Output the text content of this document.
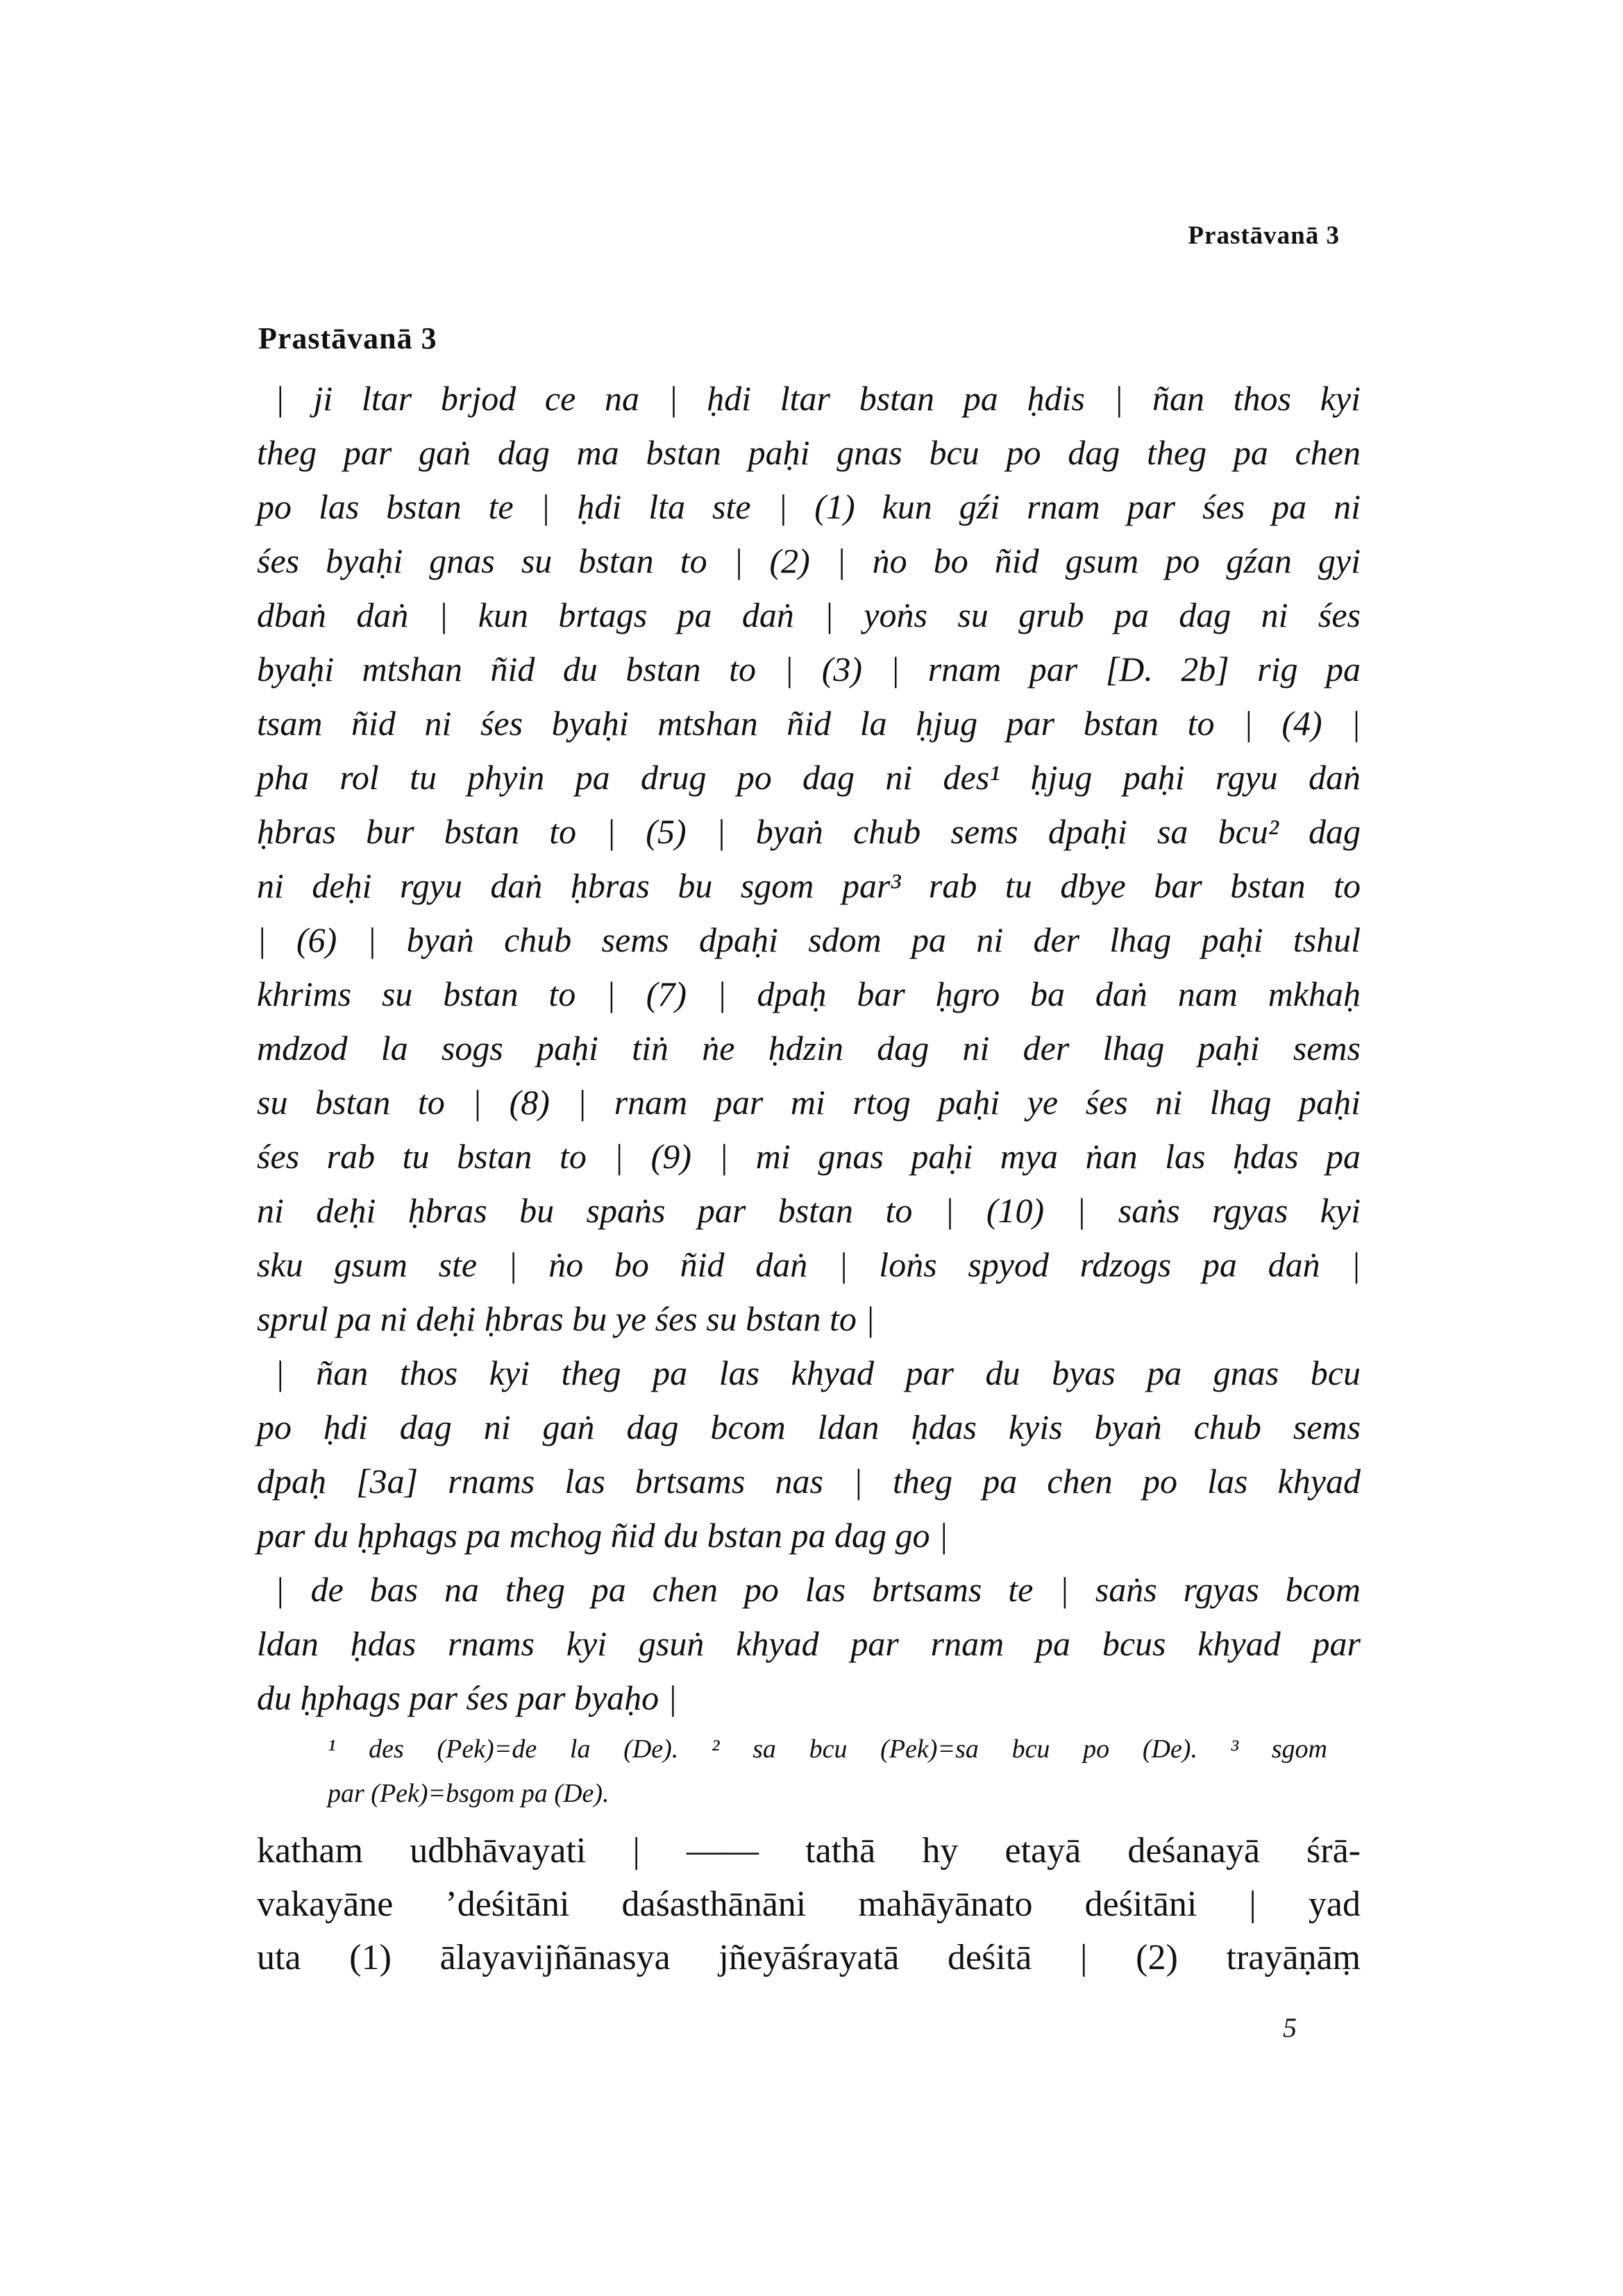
Prastāvanā 3
Prastāvanā 3
| ji ltar brjod ce na | ḥdi ltar bstan pa ḥdis | ñan thos kyi
theg par gaṅ dag ma bstan paḥi gnas bcu po dag theg pa chen
po las bstan te | ḥdi lta ste | (1) kun gźi rnam par śes pa ni
śes byaḥi gnas su bstan to | (2) | ṅo bo ñid gsum po gźan gyi
dbaṅ daṅ | kun brtags pa daṅ | yoṅs su grub pa dag ni śes
byaḥi mtshan ñid du bstan to | (3) | rnam par [D. 2b] rig pa
tsam ñid ni śes byaḥi mtshan ñid la ḥjug par bstan to | (4) |
pha rol tu phyin pa drug po dag ni des¹ ḥjug paḥi rgyu daṅ
ḥbras bur bstan to | (5) | byaṅ chub sems dpaḥi sa bcu² dag
ni deḥi rgyu daṅ ḥbras bu sgom par³ rab tu dbye bar bstan to
| (6) | byaṅ chub sems dpaḥi sdom pa ni der lhag paḥi tshul
khrims su bstan to | (7) | dpaḥ bar ḥgro ba daṅ nam mkhaḥ
mdzod la sogs paḥi tiṅ ṅe ḥdzin dag ni der lhag paḥi sems
su bstan to | (8) | rnam par mi rtog paḥi ye śes ni lhag paḥi
śes rab tu bstan to | (9) | mi gnas paḥi mya ṅan las ḥdas pa
ni deḥi ḥbras bu spaṅs par bstan to | (10) | saṅs rgyas kyi
sku gsum ste | ṅo bo ñid daṅ | loṅs spyod rdzogs pa daṅ |
sprul pa ni deḥi ḥbras bu ye śes su bstan to |
| ñan thos kyi theg pa las khyad par du byas pa gnas bcu
po ḥdi dag ni gaṅ dag bcom ldan ḥdas kyis byaṅ chub sems
dpaḥ [3a] rnams las brtsams nas | theg pa chen po las khyad
par du ḥphags pa mchog ñid du bstan pa dag go |
| de bas na theg pa chen po las brtsams te | saṅs rgyas bcom
ldan ḥdas rnams kyi gsuṅ khyad par rnam pa bcus khyad par
du ḥphags par śes par byaḥo |
¹ des (Pek)=de la (De). ² sa bcu (Pek)=sa bcu po (De). ³ sgom
par (Pek)=bsgom pa (De).
katham udbhāvayati | —— tathā hy etayā deśanayā śrā-
vakayāne ’deśitāni daśasthānāni mahāyānato deśitāni | yad
uta (1) ālayavijñānasya jñeyāśrayatā deśitā | (2) trayāṇāṃ
5
